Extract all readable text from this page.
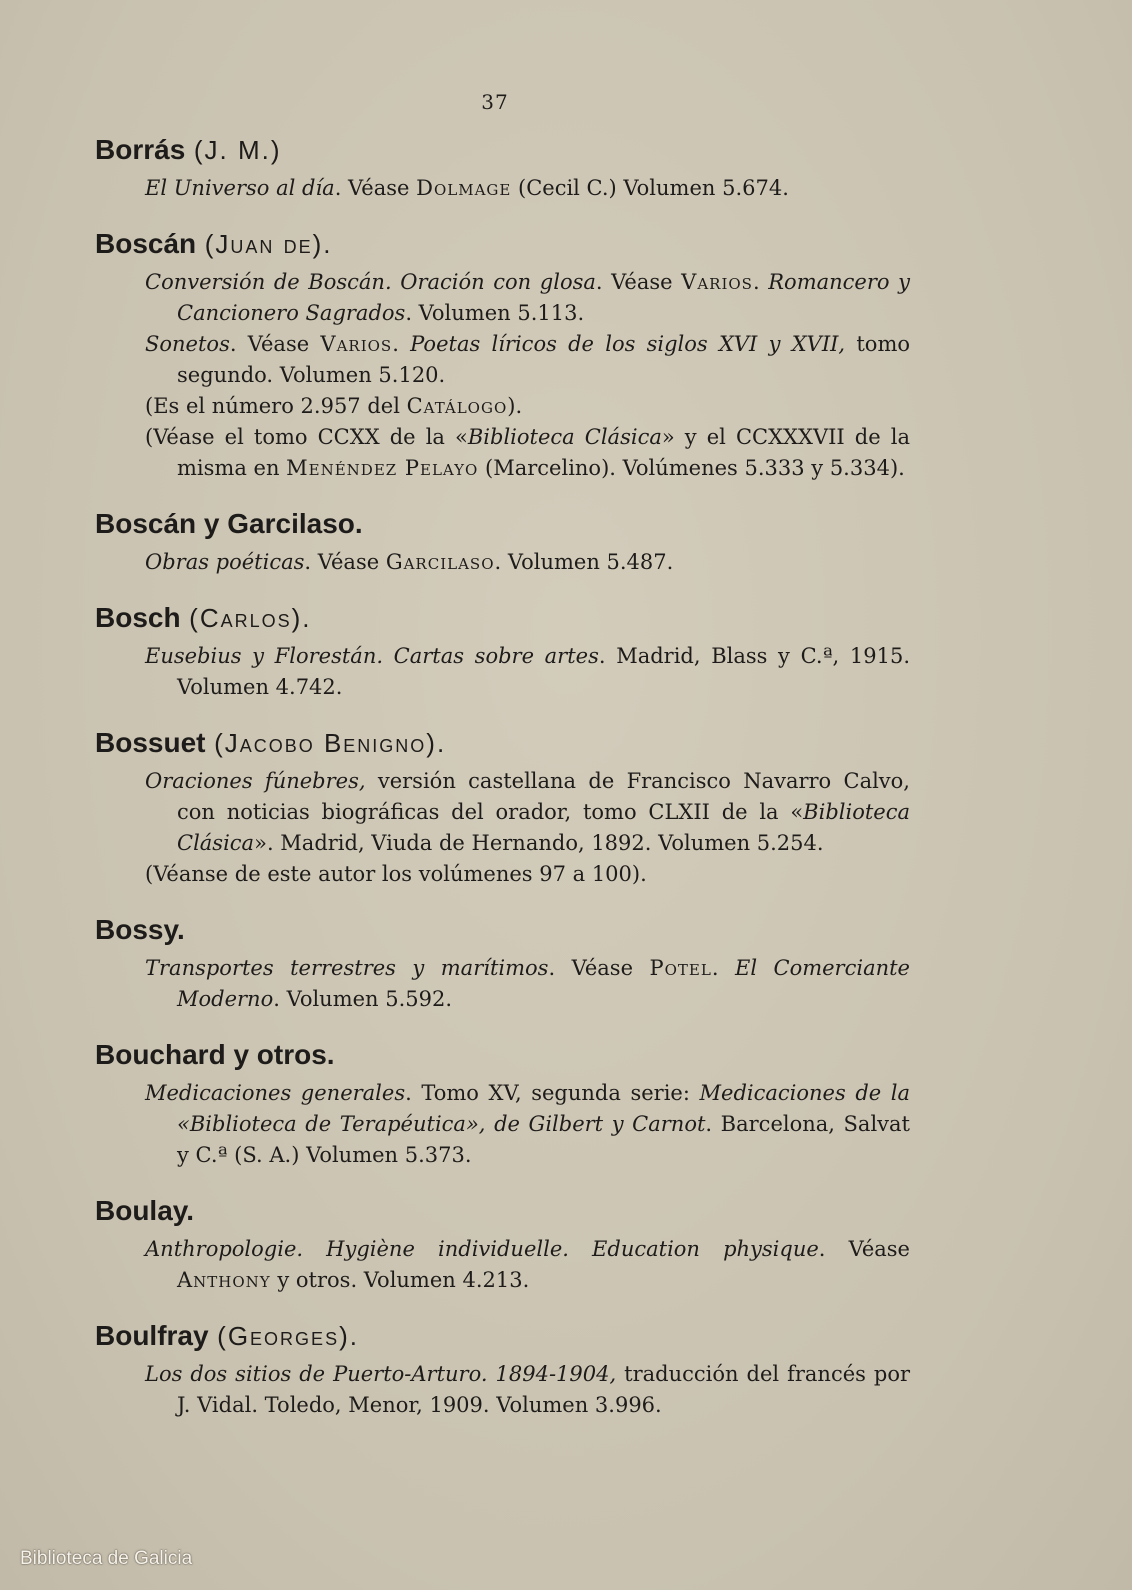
37
Borrás (J. M.)
El Universo al día. Véase Dolmage (Cecil C.) Volumen 5.674.
Boscán (Juan de).
Conversión de Boscán. Oración con glosa. Véase Varios. Romancero y Cancionero Sagrados. Volumen 5.113.
Sonetos. Véase Varios. Poetas líricos de los siglos XVI y XVII, tomo segundo. Volumen 5.120.
(Es el número 2.957 del Catálogo).
(Véase el tomo CCXX de la «Biblioteca Clásica» y el CCXXXVII de la misma en Menéndez Pelayo (Marcelino). Volúmenes 5.333 y 5.334).
Boscán y Garcilaso.
Obras poéticas. Véase Garcilaso. Volumen 5.487.
Bosch (Carlos).
Eusebius y Florestán. Cartas sobre artes. Madrid, Blass y C.ª, 1915. Volumen 4.742.
Bossuet (Jacobo Benigno).
Oraciones fúnebres, versión castellana de Francisco Navarro Calvo, con noticias biográficas del orador, tomo CLXII de la «Biblioteca Clásica». Madrid, Viuda de Hernando, 1892. Volumen 5.254.
(Véanse de este autor los volúmenes 97 a 100).
Bossy.
Transportes terrestres y marítimos. Véase Potel. El Comerciante Moderno. Volumen 5.592.
Bouchard y otros.
Medicaciones generales. Tomo XV, segunda serie: Medicaciones de la «Biblioteca de Terapéutica», de Gilbert y Carnot. Barcelona, Salvat y C.ª (S. A.) Volumen 5.373.
Boulay.
Anthropologie. Hygiène individuelle. Education physique. Véase Anthony y otros. Volumen 4.213.
Boulfray (Georges).
Los dos sitios de Puerto-Arturo. 1894-1904, traducción del francés por J. Vidal. Toledo, Menor, 1909. Volumen 3.996.
Biblioteca de Galicia
